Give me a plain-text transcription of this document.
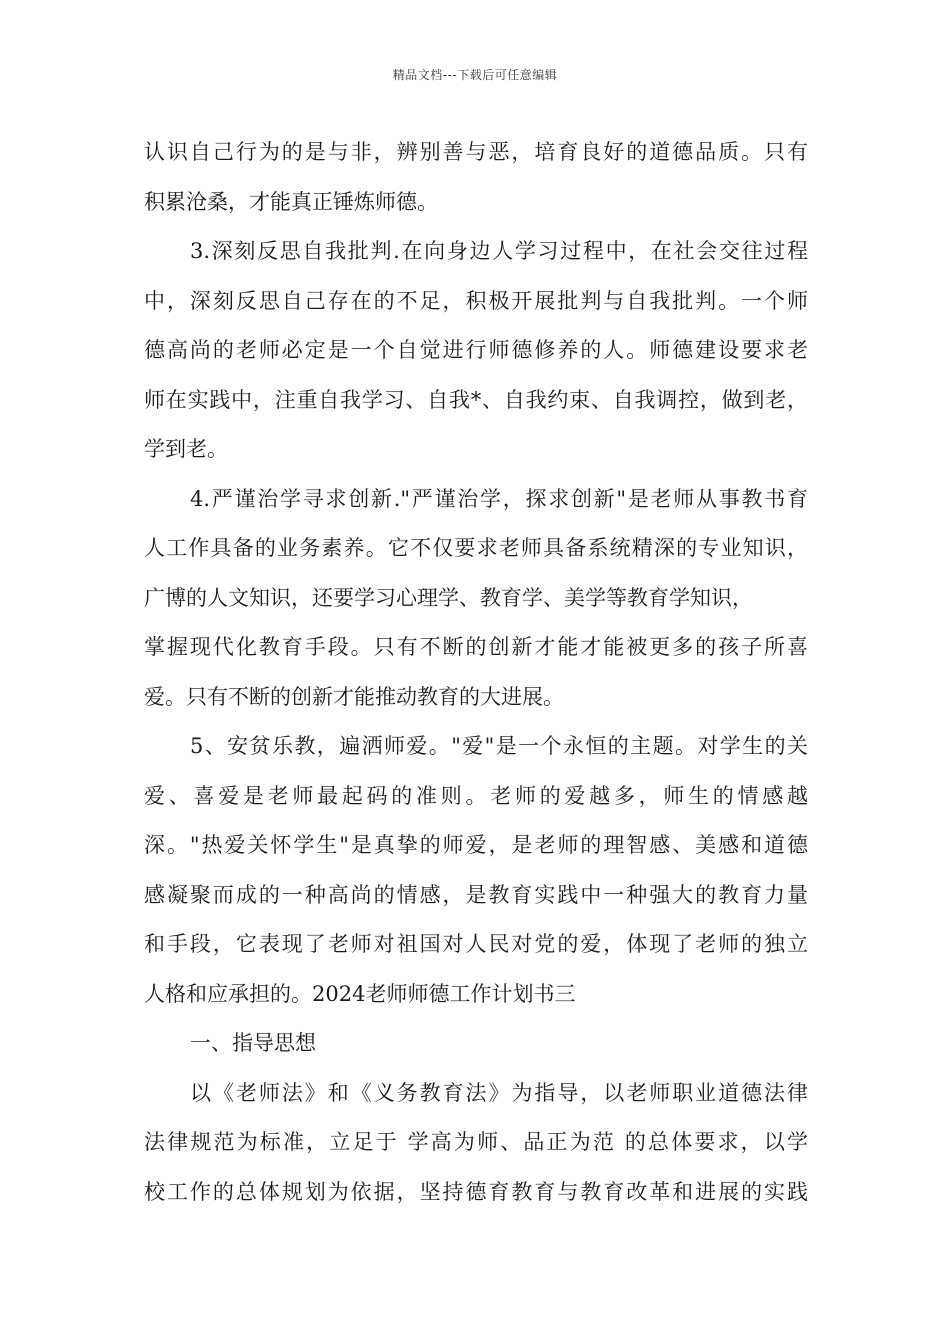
精品文档---下载后可任意编辑
认识自己行为的是与非，辨别善与恶，培育良好的道德品质。只有
积累沧桑，才能真正锤炼师德。
3.深刻反思自我批判.在向身边人学习过程中，在社会交往过程
中，深刻反思自己存在的不足，积极开展批判与自我批判。一个师
德高尚的老师必定是一个自觉进行师德修养的人。师德建设要求老
师在实践中，注重自我学习、自我*、自我约束、自我调控，做到老，
学到老。
4.严谨治学寻求创新."严谨治学，探求创新"是老师从事教书育
人工作具备的业务素养。它不仅要求老师具备系统精深的专业知识，
广博的人文知识，还要学习心理学、教育学、美学等教育学知识，
掌握现代化教育手段。只有不断的创新才能才能被更多的孩子所喜
爱。只有不断的创新才能推动教育的大进展。
5、安贫乐教，遍洒师爱。"爱"是一个永恒的主题。对学生的关
爱、喜爱是老师最起码的准则。老师的爱越多，师生的情感越
深。"热爱关怀学生"是真挚的师爱，是老师的理智感、美感和道德
感凝聚而成的一种高尚的情感，是教育实践中一种强大的教育力量
和手段，它表现了老师对祖国对人民对党的爱，体现了老师的独立
人格和应承担的。2024老师师德工作计划书三
一、指导思想
以《老师法》和《义务教育法》为指导，以老师职业道德法律
法律规范为标准，立足于 学高为师、品正为范 的总体要求，以学
校工作的总体规划为依据，坚持德育教育与教育改革和进展的实践
